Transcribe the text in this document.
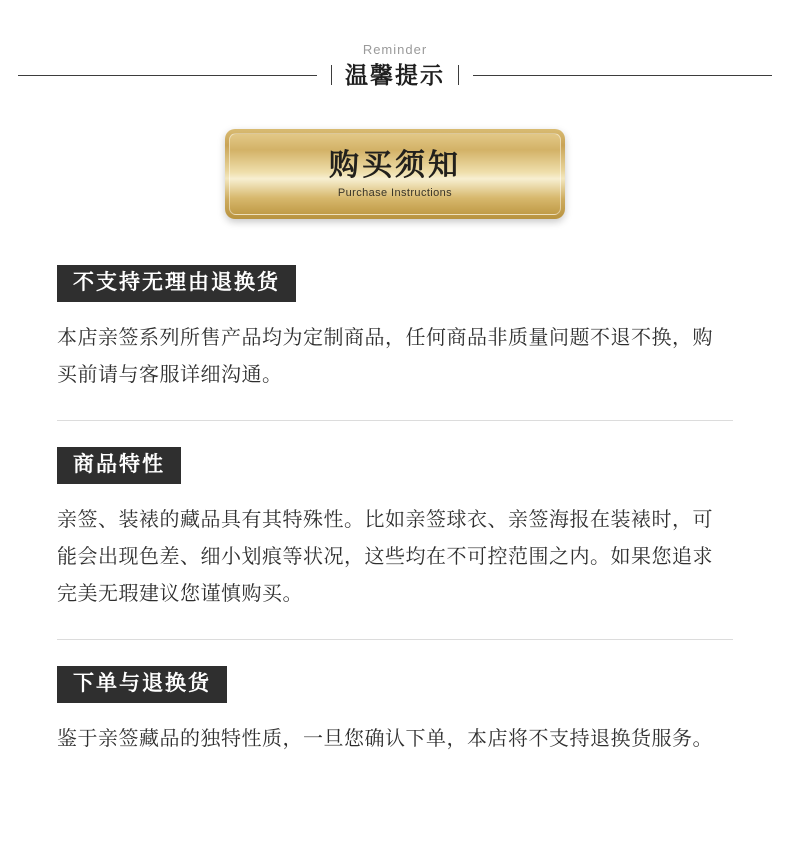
Reminder
温馨提示
购买须知
Purchase Instructions
不支持无理由退换货

本店亲签系列所售产品均为定制商品，任何商品非质量问题不退不换，购买前请与客服详细沟通。

商品特性

亲签、装裱的藏品具有其特殊性。比如亲签球衣、亲签海报在装裱时，可能会出现色差、细小划痕等状况，这些均在不可控范围之内。如果您追求完美无瑕建议您谨慎购买。

下单与退换货

鉴于亲签藏品的独特性质，一旦您确认下单，本店将不支持退换货服务。
